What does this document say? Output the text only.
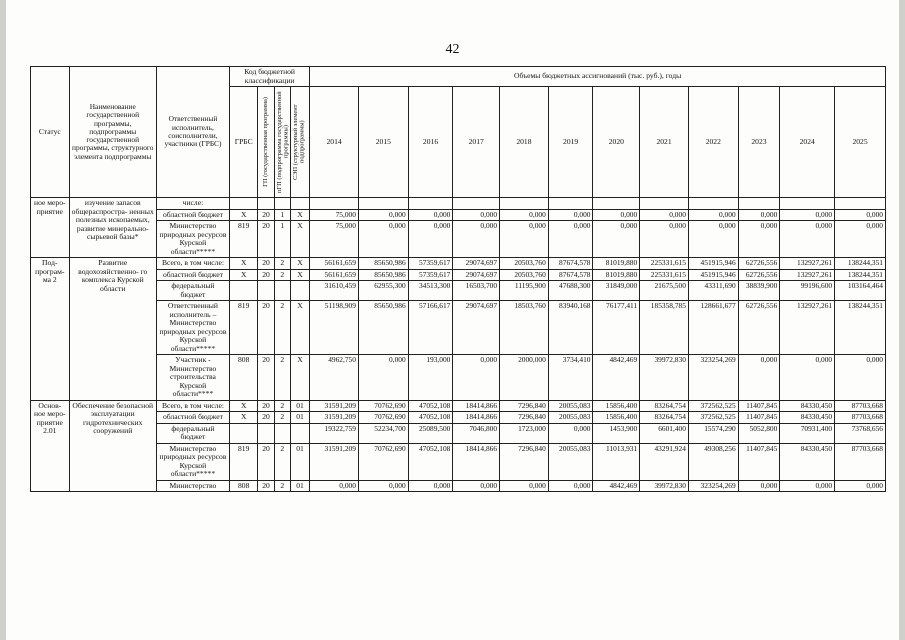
42
Статус	Наименование государственной программы, подпрограммы государственной программы, структурного элемента подпрограммы	Ответственный исполнитель, соисполнители, участники (ГРБС)	Код бюджетной классификации				Объемы бюджетных ассигнований (тыс. руб.), годы											
			ГРБС	ГП (государственная программа)	пГП (подпрограмма государственной программы)	СЭП (структурный элемент подпрограммы)	2014	2015	2016	2017	2018	2019	2020	2021	2022	2023	2024	2025
ное меро- приятие	изучение запасов общераспростра- ненных полезных ископаемых, развитие минерально- сырьевой базы*	числе:																
		областной бюджет	X	20	1	X	75,000	0,000	0,000	0,000	0,000	0,000	0,000	0,000	0,000	0,000	0,000	0,000
		Министерство природных ресурсов Курской области*****	819	20	1	X	75,000	0,000	0,000	0,000	0,000	0,000	0,000	0,000	0,000	0,000	0,000	0,000
Под- програм- ма 2	Развитие водохозяйственно- го комплекса Курской области	Всего, в том числе:	X	20	2	X	56161,659	85650,986	57359,617	29074,697	20503,760	87674,578	81019,880	225331,615	451915,946	62726,556	132927,261	138244,351
		областной бюджет	X	20	2	X	56161,659	85650,986	57359,617	29074,697	20503,760	87674,578	81019,880	225331,615	451915,946	62726,556	132927,261	138244,351
		федеральный бюджет					31610,459	62955,300	34513,300	16503,700	11195,900	47688,300	31849,000	21675,500	43311,690	38839,900	99196,600	103164,464
		Ответственный исполнитель – Министерство природных ресурсов Курской области*****	819	20	2	X	51198,909	85650,986	57166,617	29074,697	18503,760	83940,168	76177,411	185358,785	128661,677	62726,556	132927,261	138244,351
		Участник - Министерство строительства Курской области****	808	20	2	X	4962,750	0,000	193,000	0,000	2000,000	3734,410	4842,469	39972,830	323254,269	0,000	0,000	0,000
Основ- ное меро- приятие 2.01	Обеспечение безопасной эксплуатации гидротехнических сооружений	Всего, в том числе:	X	20	2	01	31591,209	70762,690	47052,108	18414,866	7296,840	20055,083	15856,400	83264,754	372562,525	11407,845	84330,450	87703,668
		областной бюджет	X	20	2	01	31591,209	70762,690	47052,108	18414,866	7296,840	20055,083	15856,400	83264,754	372562,525	11407,845	84330,450	87703,668
		федеральный бюджет					19322,759	52234,700	25089,500	7046,800	1723,000	0,000	1453,900	6601,400	15574,290	5052,800	70931,400	73768,656
		Министерство природных ресурсов Курской области*****	819	20	2	01	31591,209	70762,690	47052,108	18414,866	7296,840	20055,083	11013,931	43291,924	49308,256	11407,845	84330,450	87703,668
		Министерство	808	20	2	01	0,000	0,000	0,000	0,000	0,000	0,000	4842,469	39972,830	323254,269	0,000	0,000	0,000
